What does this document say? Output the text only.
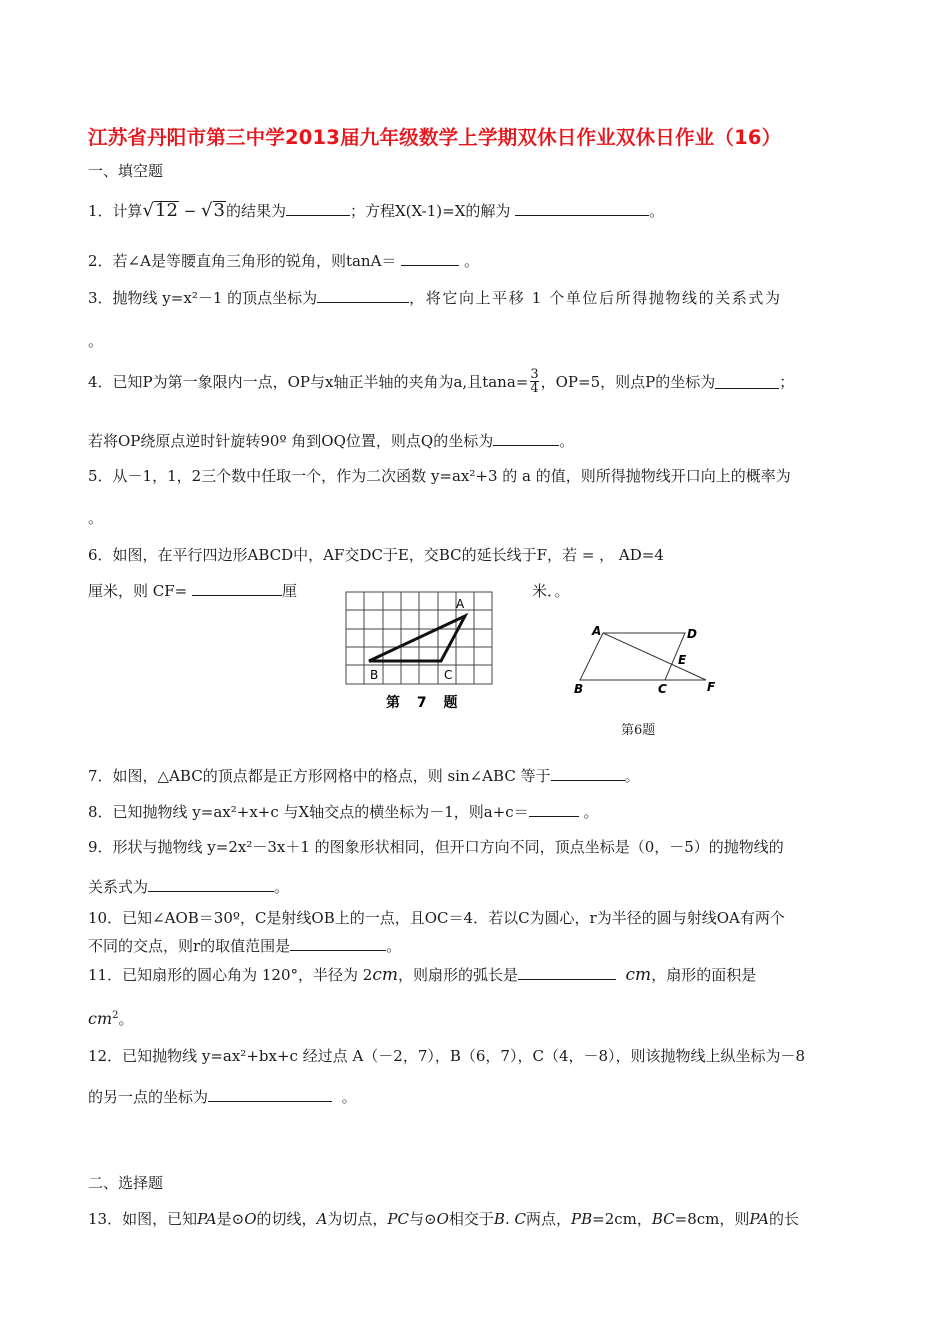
江苏省丹阳市第三中学2013届九年级数学上学期双休日作业双休日作业（16）
一、填空题
1．计算√12 − √3的结果为	；方程X(X-1)=X的解为	。
2．若∠A是等腰直角三角形的锐角，则tanA＝	。
3．抛物线 y=x²－1 的顶点坐标为	，将它向上平移 1 个单位后所得抛物线的关系式为
。
4．已知P为第一象限内一点，OP与x轴正半轴的夹角为a,且$\tan a= \frac{3}{4}$ ，OP=5，则点P的坐标为	；
若将OP绕原点逆时针旋转90º 角到OQ位置，则点Q的坐标为	。
5．从－1，1，2三个数中任取一个，作为二次函数 y=ax²+3 的 a 的值，则所得抛物线开口向上的概率为
。
6．如图，在平行四边形ABCD中，AF交DC于E，交BC的延长线于F，若 = ， AD=4
厘米，则 CF=	厘	米．。
A
B	C
第 7 题
A	D
E
B	C	F
第6题
7．如图，△ABC的顶点都是正方形网格中的格点，则 sin∠ABC 等于	。
8．已知抛物线 y=ax²+x+c 与X轴交点的横坐标为－1，则a+c＝	。
9．形状与抛物线 y=2x²－3x＋1 的图象形状相同，但开口方向不同，顶点坐标是（0，－5）的抛物线的
关系式为	。
10．已知∠AOB＝30º，C是射线OB上的一点，且OC＝4．若以C为圆心，r为半径的圆与射线OA有两个
不同的交点，则r的取值范围是	。
11．已知扇形的圆心角为 120°，半径为 2cm，则扇形的弧长是	cm，扇形的面积是
$cm^2$。
12．已知抛物线 y=ax²+bx+c 经过点 A（－2，7），B（6，7），C（4，－8），则该抛物线上纵坐标为－8
的另一点的坐标为	。
二、选择题
13．如图，已知PA是⊙O的切线，A为切点，PC与⊙O相交于B. C两点，PB=2cm，BC=8cm，则PA的长
